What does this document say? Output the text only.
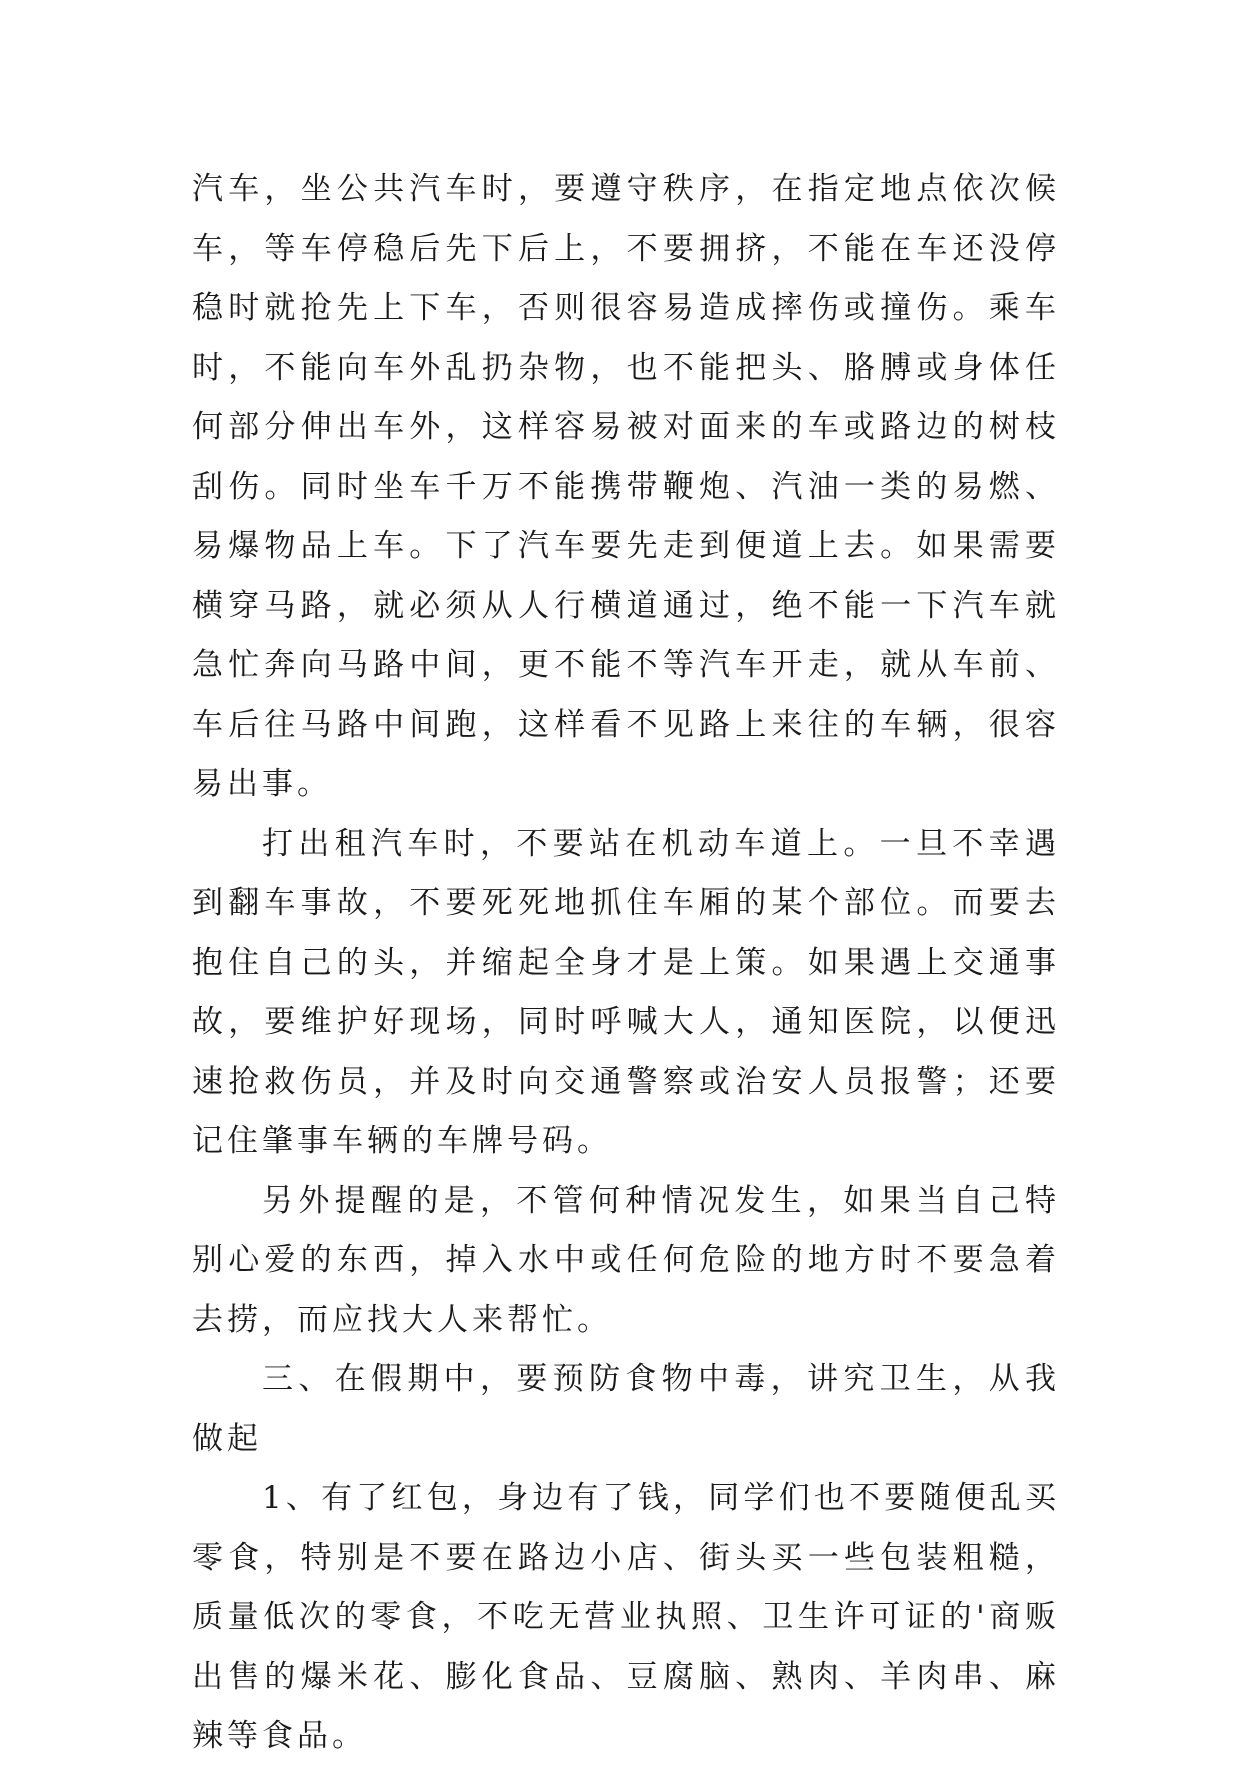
汽车，坐公共汽车时，要遵守秩序，在指定地点依次候车，等车停稳后先下后上，不要拥挤，不能在车还没停稳时就抢先上下车，否则很容易造成摔伤或撞伤。乘车时，不能向车外乱扔杂物，也不能把头、胳膊或身体任何部分伸出车外，这样容易被对面来的车或路边的树枝刮伤。同时坐车千万不能携带鞭炮、汽油一类的易燃、易爆物品上车。下了汽车要先走到便道上去。如果需要横穿马路，就必须从人行横道通过，绝不能一下汽车就急忙奔向马路中间，更不能不等汽车开走，就从车前、车后往马路中间跑，这样看不见路上来往的车辆，很容易出事。

打出租汽车时，不要站在机动车道上。一旦不幸遇到翻车事故，不要死死地抓住车厢的某个部位。而要去抱住自己的头，并缩起全身才是上策。如果遇上交通事故，要维护好现场，同时呼喊大人，通知医院，以便迅速抢救伤员，并及时向交通警察或治安人员报警；还要记住肇事车辆的车牌号码。

另外提醒的是，不管何种情况发生，如果当自己特别心爱的东西，掉入水中或任何危险的地方时不要急着去捞，而应找大人来帮忙。

三、在假期中，要预防食物中毒，讲究卫生，从我做起

1、有了红包，身边有了钱，同学们也不要随便乱买零食，特别是不要在路边小店、街头买一些包装粗糙，质量低次的零食，不吃无营业执照、卫生许可证的'商贩出售的爆米花、膨化食品、豆腐脑、熟肉、羊肉串、麻辣等食品。
